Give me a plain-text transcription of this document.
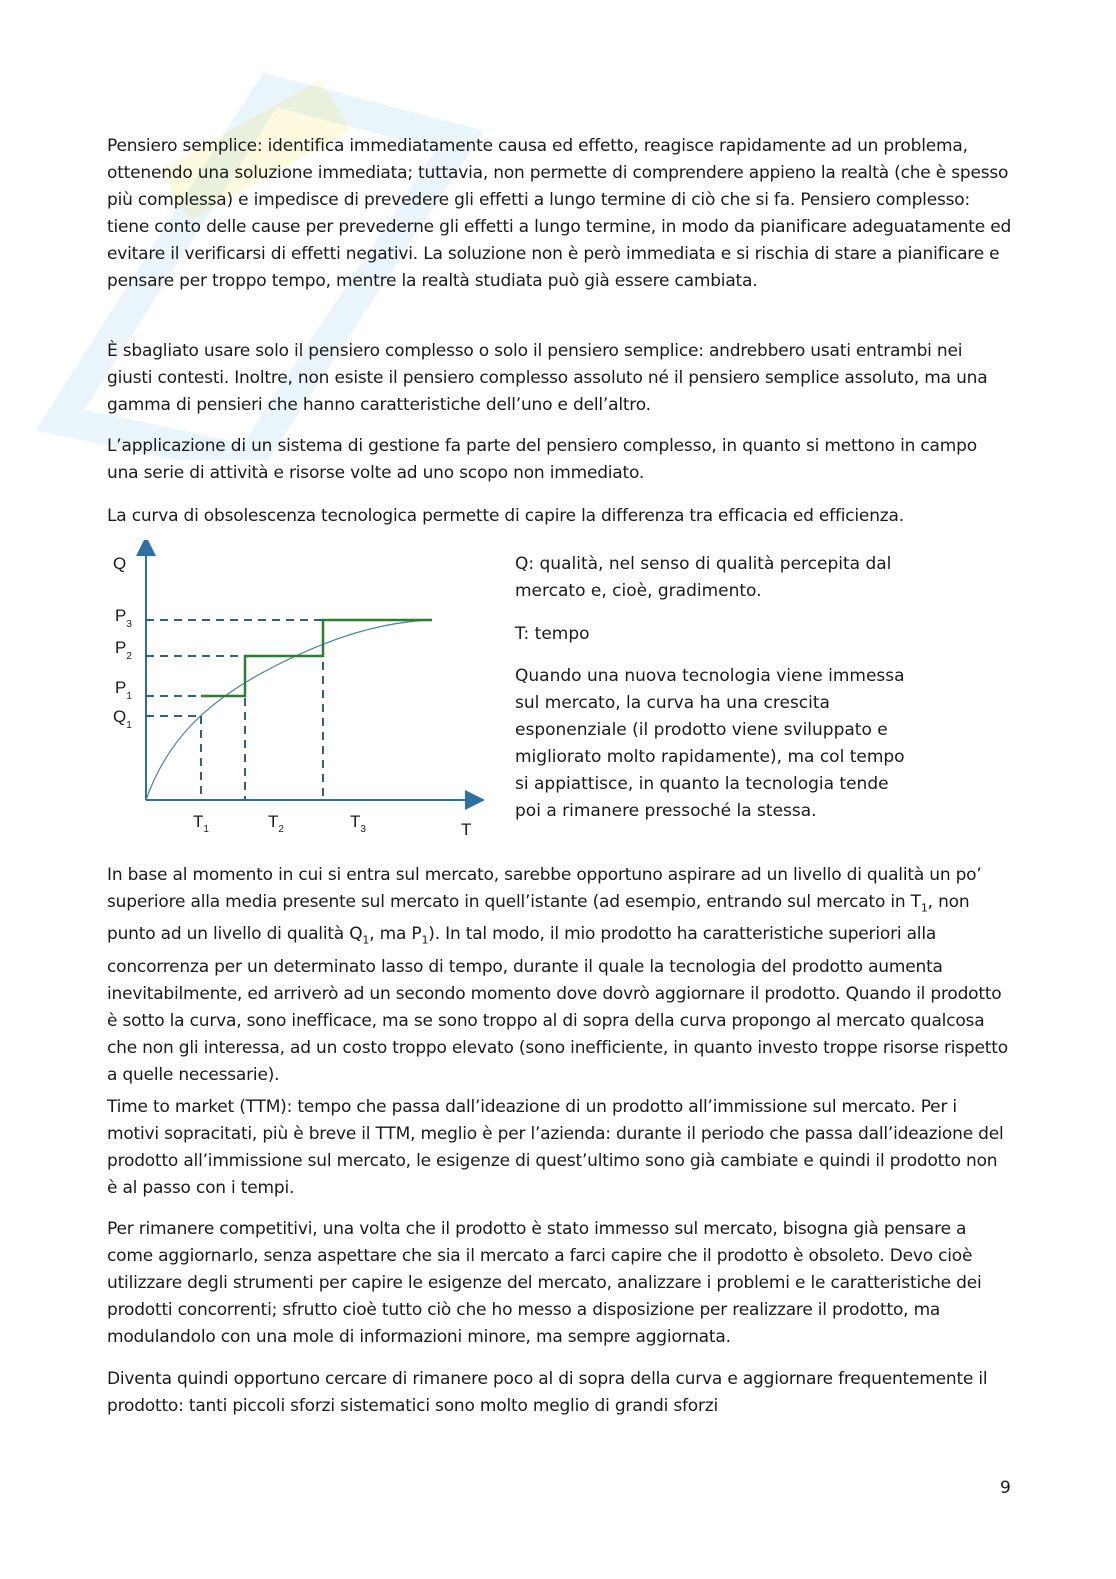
Pensiero semplice: identifica immediatamente causa ed effetto, reagisce rapidamente ad un problema, ottenendo una soluzione immediata; tuttavia, non permette di comprendere appieno la realtà (che è spesso più complessa) e impedisce di prevedere gli effetti a lungo termine di ciò che si fa. Pensiero complesso: tiene conto delle cause per prevederne gli effetti a lungo termine, in modo da pianificare adeguatamente ed evitare il verificarsi di effetti negativi. La soluzione non è però immediata e si rischia di stare a pianificare e pensare per troppo tempo, mentre la realtà studiata può già essere cambiata.

È sbagliato usare solo il pensiero complesso o solo il pensiero semplice: andrebbero usati entrambi nei giusti contesti. Inoltre, non esiste il pensiero complesso assoluto né il pensiero semplice assoluto, ma una gamma di pensieri che hanno caratteristiche dell’uno e dell’altro.

L’applicazione di un sistema di gestione fa parte del pensiero complesso, in quanto si mettono in campo una serie di attività e risorse volte ad uno scopo non immediato.

La curva di obsolescenza tecnologica permette di capire la differenza tra efficacia ed efficienza.

Q
T
$P_3$
$P_2$
$P_1$
$Q_1$
$T_1$	$T_2$	$T_3$

Q: qualità, nel senso di qualità percepita dal mercato e, cioè, gradimento.

T: tempo

Quando una nuova tecnologia viene immessa sul mercato, la curva ha una crescita esponenziale (il prodotto viene sviluppato e migliorato molto rapidamente), ma col tempo si appiattisce, in quanto la tecnologia tende poi a rimanere pressoché la stessa.

In base al momento in cui si entra sul mercato, sarebbe opportuno aspirare ad un livello di qualità un po’ superiore alla media presente sul mercato in quell’istante (ad esempio, entrando sul mercato in $T_1$, non punto ad un livello di qualità $Q_1$, ma $P_1$). In tal modo, il mio prodotto ha caratteristiche superiori alla concorrenza per un determinato lasso di tempo, durante il quale la tecnologia del prodotto aumenta inevitabilmente, ed arriverò ad un secondo momento dove dovrò aggiornare il prodotto. Quando il prodotto è sotto la curva, sono inefficace, ma se sono troppo al di sopra della curva propongo al mercato qualcosa che non gli interessa, ad un costo troppo elevato (sono inefficiente, in quanto investo troppe risorse rispetto a quelle necessarie).

Time to market (TTM): tempo che passa dall’ideazione di un prodotto all’immissione sul mercato. Per i motivi sopracitati, più è breve il TTM, meglio è per l’azienda: durante il periodo che passa dall’ideazione del prodotto all’immissione sul mercato, le esigenze di quest’ultimo sono già cambiate e quindi il prodotto non è al passo con i tempi.

Per rimanere competitivi, una volta che il prodotto è stato immesso sul mercato, bisogna già pensare a come aggiornarlo, senza aspettare che sia il mercato a farci capire che il prodotto è obsoleto. Devo cioè utilizzare degli strumenti per capire le esigenze del mercato, analizzare i problemi e le caratteristiche dei prodotti concorrenti; sfrutto cioè tutto ciò che ho messo a disposizione per realizzare il prodotto, ma modulandolo con una mole di informazioni minore, ma sempre aggiornata.

Diventa quindi opportuno cercare di rimanere poco al di sopra della curva e aggiornare frequentemente il prodotto: tanti piccoli sforzi sistematici sono molto meglio di grandi sforzi

9
